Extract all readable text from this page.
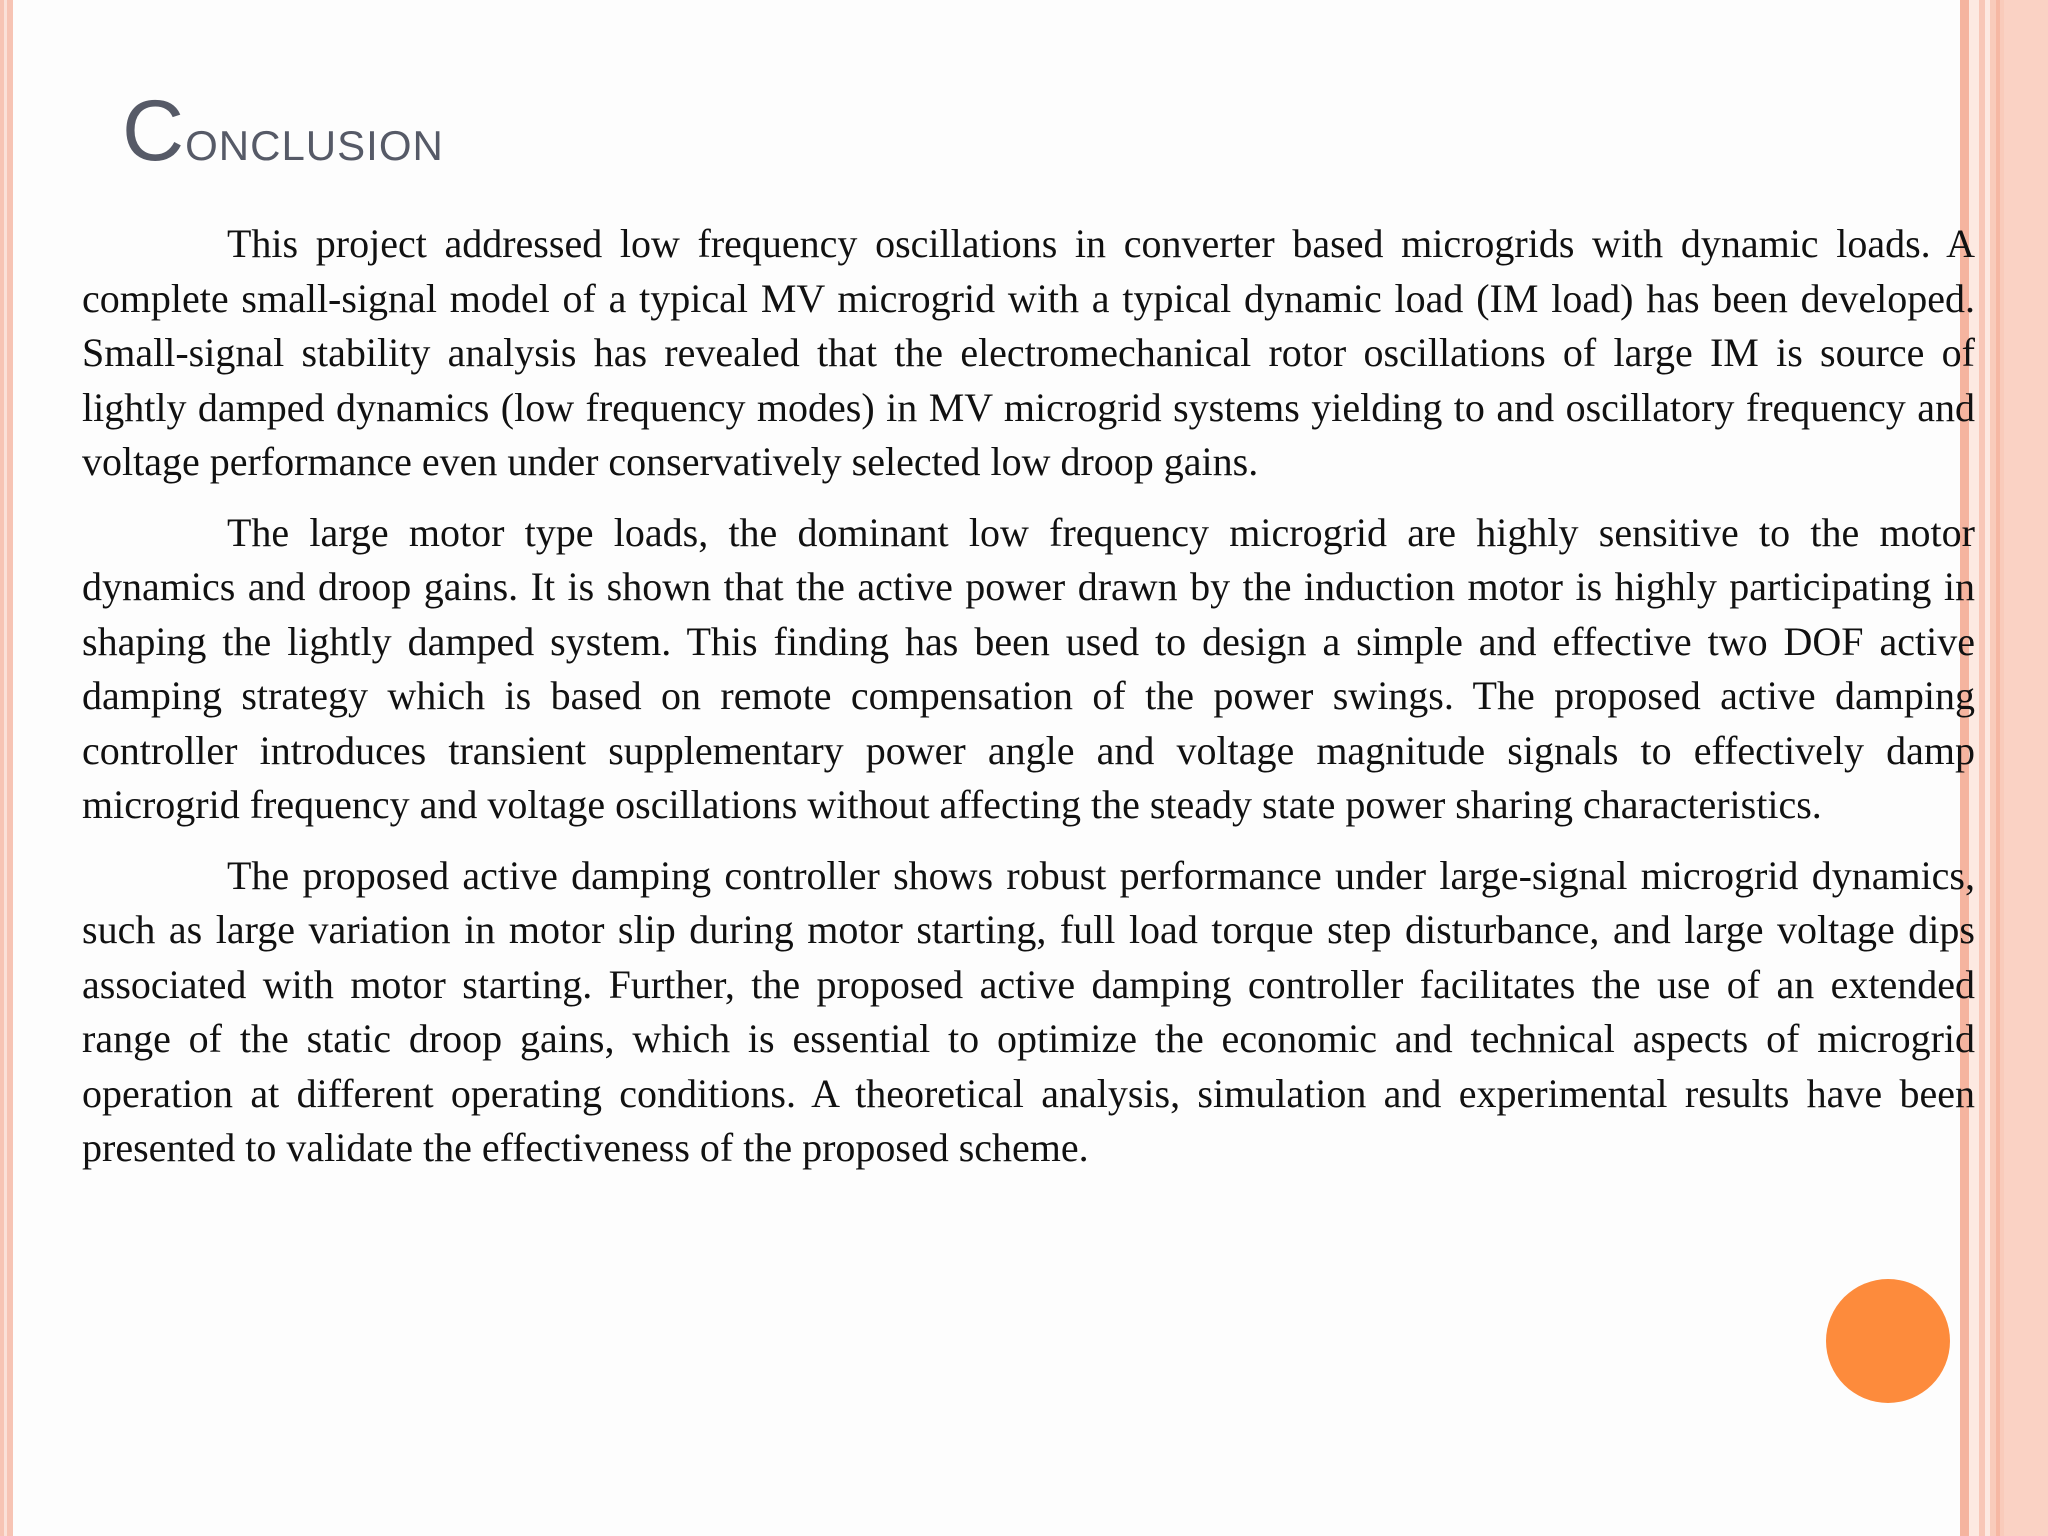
Conclusion

This project addressed low frequency oscillations in converter based microgrids with dynamic loads. A complete small-signal model of a typical MV microgrid with a typical dynamic load (IM load) has been developed. Small-signal stability analysis has revealed that the electromechanical rotor oscillations of large IM is source of lightly damped dynamics (low frequency modes) in MV microgrid systems yielding to and oscillatory frequency and voltage performance even under conservatively selected low droop gains.

The large motor type loads, the dominant low frequency microgrid are highly sensitive to the motor dynamics and droop gains. It is shown that the active power drawn by the induction motor is highly participating in shaping the lightly damped system. This finding has been used to design a simple and effective two DOF active damping strategy which is based on remote compensation of the power swings. The proposed active damping controller introduces transient supplementary power angle and voltage magnitude signals to effectively damp microgrid frequency and voltage oscillations without affecting the steady state power sharing characteristics.

The proposed active damping controller shows robust performance under large-signal microgrid dynamics, such as large variation in motor slip during motor starting, full load torque step disturbance, and large voltage dips associated with motor starting. Further, the proposed active damping controller facilitates the use of an extended range of the static droop gains, which is essential to optimize the economic and technical aspects of microgrid operation at different operating conditions. A theoretical analysis, simulation and experimental results have been presented to validate the effectiveness of the proposed scheme.
